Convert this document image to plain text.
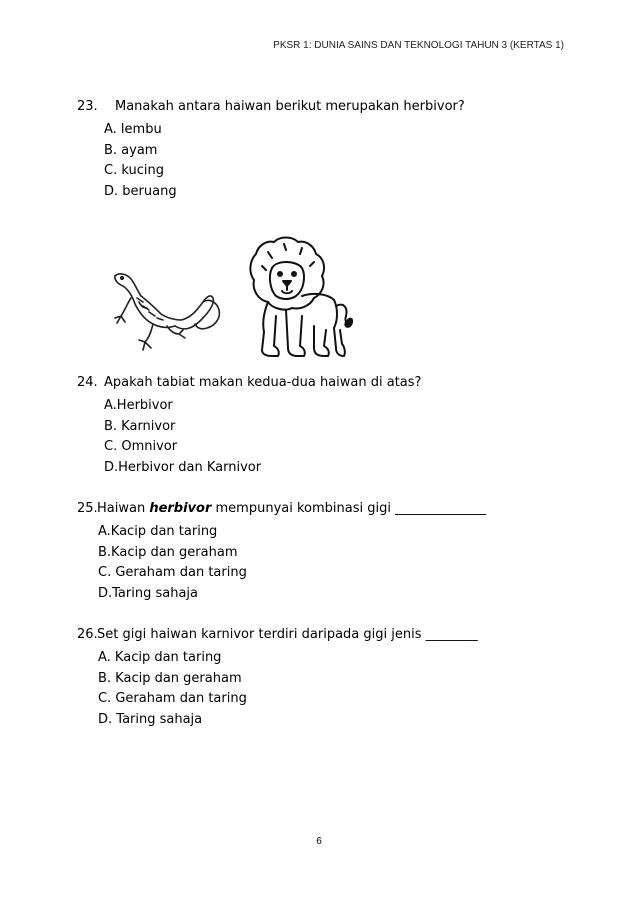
PKSR 1: DUNIA SAINS DAN TEKNOLOGI TAHUN 3 (KERTAS 1)
23. Manakah antara haiwan berikut merupakan herbivor?
A. lembu
B. ayam
C. kucing
D. beruang
24. Apakah tabiat makan kedua-dua haiwan di atas?
A.Herbivor
B. Karnivor
C. Omnivor
D.Herbivor dan Karnivor
25.Haiwan herbivor mempunyai kombinasi gigi ______________
A.Kacip dan taring
B.Kacip dan geraham
C. Geraham dan taring
D.Taring sahaja
26.Set gigi haiwan karnivor terdiri daripada gigi jenis ________
A. Kacip dan taring
B. Kacip dan geraham
C. Geraham dan taring
D. Taring sahaja
6
